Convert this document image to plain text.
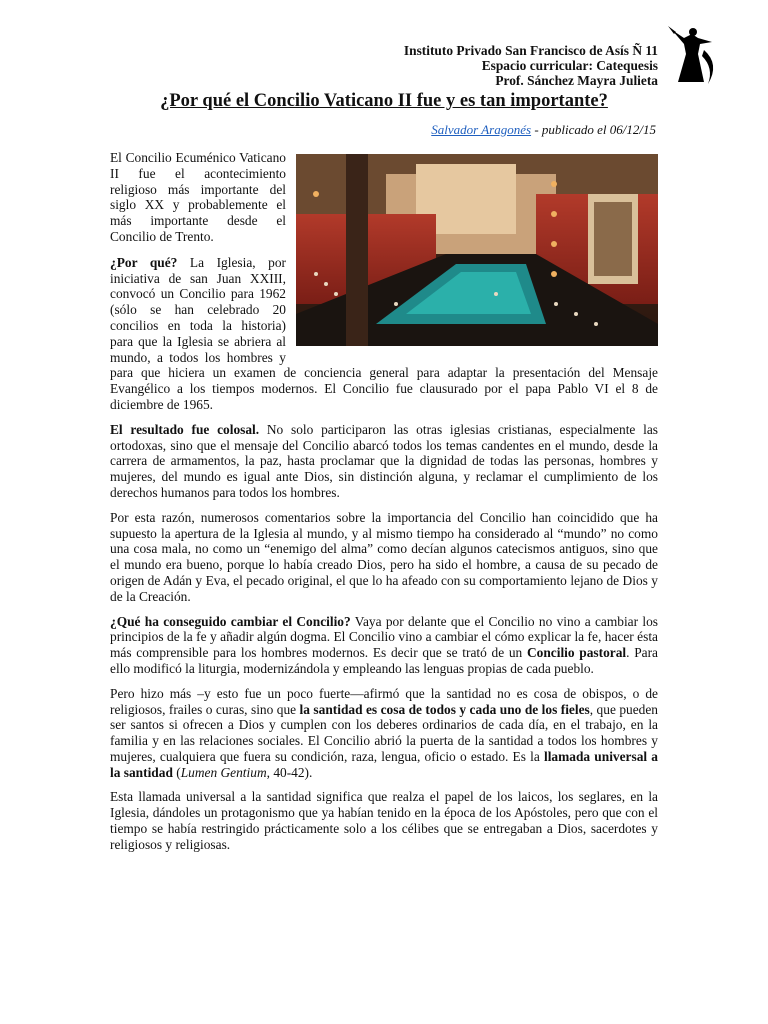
Instituto Privado San Francisco de Asís Ñ 11
Espacio curricular: Catequesis
Prof. Sánchez Mayra Julieta
¿Por qué el Concilio Vaticano II fue y es tan importante?
Salvador Aragonés - publicado el 06/12/15

El Concilio Ecuménico Vaticano II fue el acontecimiento religioso más importante del siglo XX y probablemente el más importante desde el Concilio de Trento.

¿Por qué? La Iglesia, por iniciativa de san Juan XXIII, convocó un Concilio para 1962 (sólo se han celebrado 20 concilios en toda la historia) para que la Iglesia se abriera al mundo, a todos los hombres y para que hiciera un examen de conciencia general para adaptar la presentación del Mensaje Evangélico a los tiempos modernos. El Concilio fue clausurado por el papa Pablo VI el 8 de diciembre de 1965.

El resultado fue colosal. No solo participaron las otras iglesias cristianas, especialmente las ortodoxas, sino que el mensaje del Concilio abarcó todos los temas candentes en el mundo, desde la carrera de armamentos, la paz, hasta proclamar que la dignidad de todas las personas, hombres y mujeres, del mundo es igual ante Dios, sin distinción alguna, y reclamar el cumplimiento de los derechos humanos para todos los hombres.

Por esta razón, numerosos comentarios sobre la importancia del Concilio han coincidido que ha supuesto la apertura de la Iglesia al mundo, y al mismo tiempo ha considerado al “mundo” no como una cosa mala, no como un “enemigo del alma” como decían algunos catecismos antiguos, sino que el mundo era bueno, porque lo había creado Dios, pero ha sido el hombre, a causa de su pecado de origen de Adán y Eva, el pecado original, el que lo ha afeado con su comportamiento lejano de Dios y de la Creación.

¿Qué ha conseguido cambiar el Concilio? Vaya por delante que el Concilio no vino a cambiar los principios de la fe y añadir algún dogma. El Concilio vino a cambiar el cómo explicar la fe, hacer ésta más comprensible para los hombres modernos. Es decir que se trató de un Concilio pastoral. Para ello modificó la liturgia, modernizándola y empleando las lenguas propias de cada pueblo.

Pero hizo más –y esto fue un poco fuerte—afirmó que la santidad no es cosa de obispos, o de religiosos, frailes o curas, sino que la santidad es cosa de todos y cada uno de los fieles, que pueden ser santos si ofrecen a Dios y cumplen con los deberes ordinarios de cada día, en el trabajo, en la familia y en las relaciones sociales. El Concilio abrió la puerta de la santidad a todos los hombres y mujeres, cualquiera que fuera su condición, raza, lengua, oficio o estado. Es la llamada universal a la santidad (Lumen Gentium, 40-42).

Esta llamada universal a la santidad significa que realza el papel de los laicos, los seglares, en la Iglesia, dándoles un protagonismo que ya habían tenido en la época de los Apóstoles, pero que con el tiempo se había restringido prácticamente solo a los célibes que se entregaban a Dios, sacerdotes y religiosos y religiosas.
